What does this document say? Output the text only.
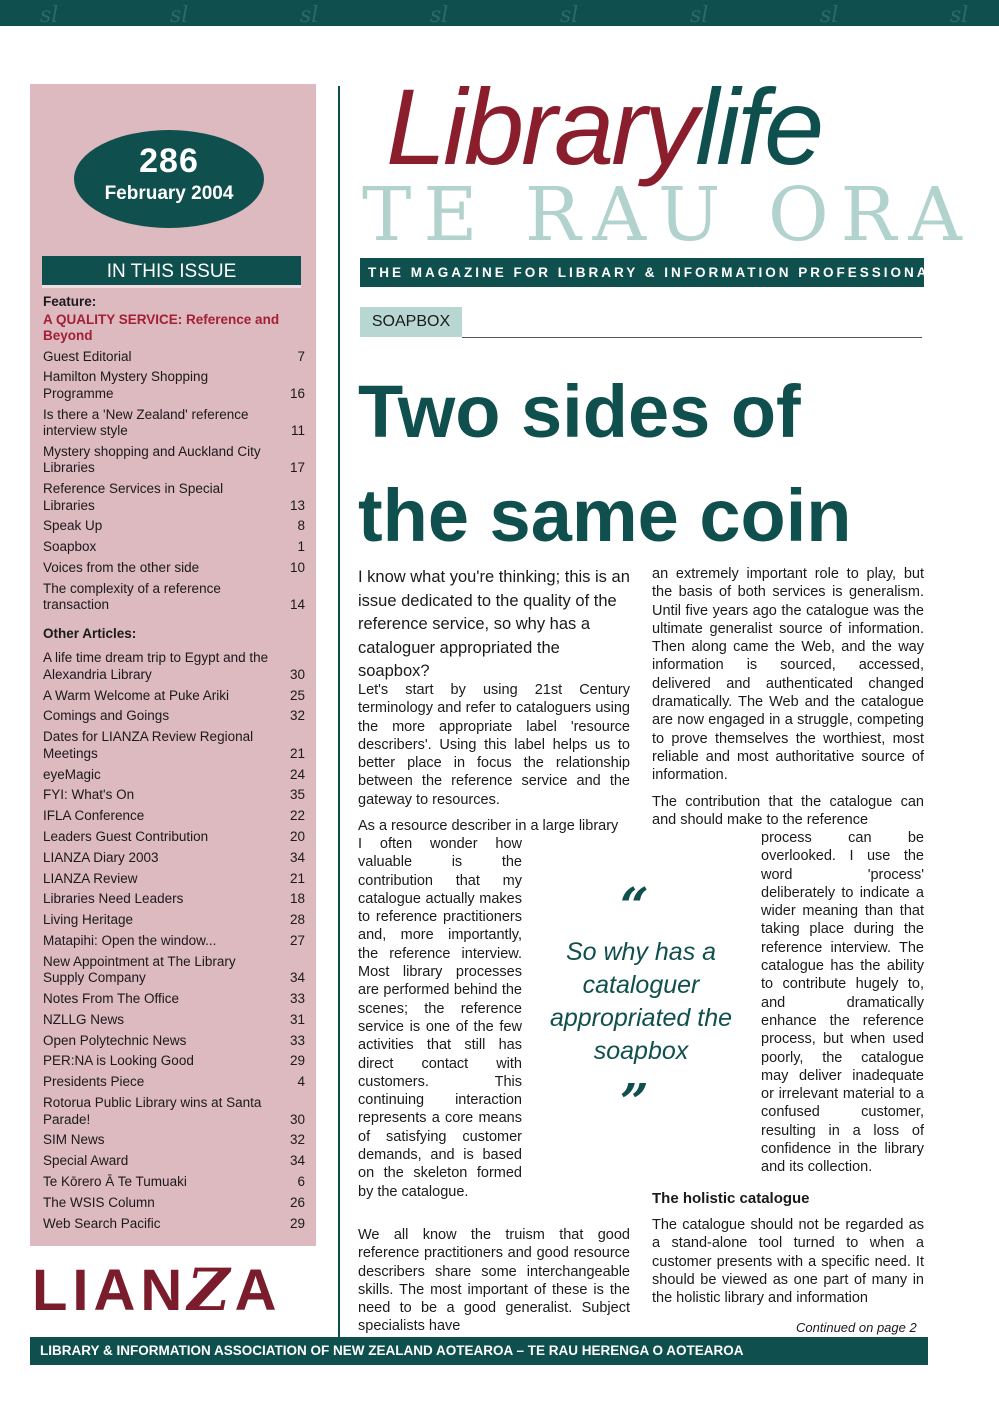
sl	sl	sl	sl	sl	sl	sl	sl
286
February 2004
IN THIS ISSUE
Feature:
A QUALITY SERVICE: Reference and Beyond
Guest Editorial	7
Hamilton Mystery Shopping Programme	16
Is there a 'New Zealand' reference interview style	11
Mystery shopping and Auckland City Libraries	17
Reference Services in Special Libraries	13
Speak Up	8
Soapbox	1
Voices from the other side	10
The complexity of a reference transaction	14
Other Articles:
A life time dream trip to Egypt and the Alexandria Library	30
A Warm Welcome at Puke Ariki	25
Comings and Goings	32
Dates for LIANZA Review Regional Meetings	21
eyeMagic	24
FYI: What's On	35
IFLA Conference	22
Leaders Guest Contribution	20
LIANZA Diary 2003	34
LIANZA Review	21
Libraries Need Leaders	18
Living Heritage	28
Matapihi: Open the window...	27
New Appointment at The Library Supply Company	34
Notes From The Office	33
NZLLG News	31
Open Polytechnic News	33
PER:NA is Looking Good	29
Presidents Piece	4
Rotorua Public Library wins at Santa Parade!	30
SIM News	32
Special Award	34
Te Kōrero Ā Te Tumuaki	6
The WSIS Column	26
Web Search Pacific	29
LIANZA
LIBRARY & INFORMATION ASSOCIATION OF NEW ZEALAND AOTEAROA – TE RAU HERENGA O AOTEAROA
TE RAU ORA
Librarylife
THE MAGAZINE FOR LIBRARY & INFORMATION PROFESSIONALS
SOAPBOX
Two sides of
the same coin

I know what you're thinking; this is an issue dedicated to the quality of the reference service, so why has a cataloguer appropriated the soapbox?

Let's start by using 21st Century terminology and refer to cataloguers using the more appropriate label 'resource describers'. Using this label helps us to better place in focus the relationship between the reference service and the gateway to resources.

As a resource describer in a large library

I often wonder how valuable is the contribution that my catalogue actually makes to reference practitioners and, more importantly, the reference interview. Most library processes are performed behind the scenes; the reference service is one of the few activities that still has direct contact with customers. This continuing interaction represents a core means of satisfying customer demands, and is based on the skeleton formed by the catalogue.

We all know the truism that good reference practitioners and good resource describers share some interchangeable skills. The most important of these is the need to be a good generalist. Subject specialists have

“
So why has a cataloguer appropriated the soapbox
”

an extremely important role to play, but the basis of both services is generalism. Until five years ago the catalogue was the ultimate generalist source of information. Then along came the Web, and the way information is sourced, accessed, delivered and authenticated changed dramatically. The Web and the catalogue are now engaged in a struggle, competing to prove themselves the worthiest, most reliable and most authoritative source of information.

The contribution that the catalogue can and should make to the reference

process can be overlooked. I use the word 'process' deliberately to indicate a wider meaning than that taking place during the reference interview. The catalogue has the ability to contribute hugely to, and dramatically enhance the reference process, but when used poorly, the catalogue may deliver inadequate or irrelevant material to a confused customer, resulting in a loss of confidence in the library and its collection.

The holistic catalogue

The catalogue should not be regarded as a stand-alone tool turned to when a customer presents with a specific need. It should be viewed as one part of many in the holistic library and information

Continued on page 2
